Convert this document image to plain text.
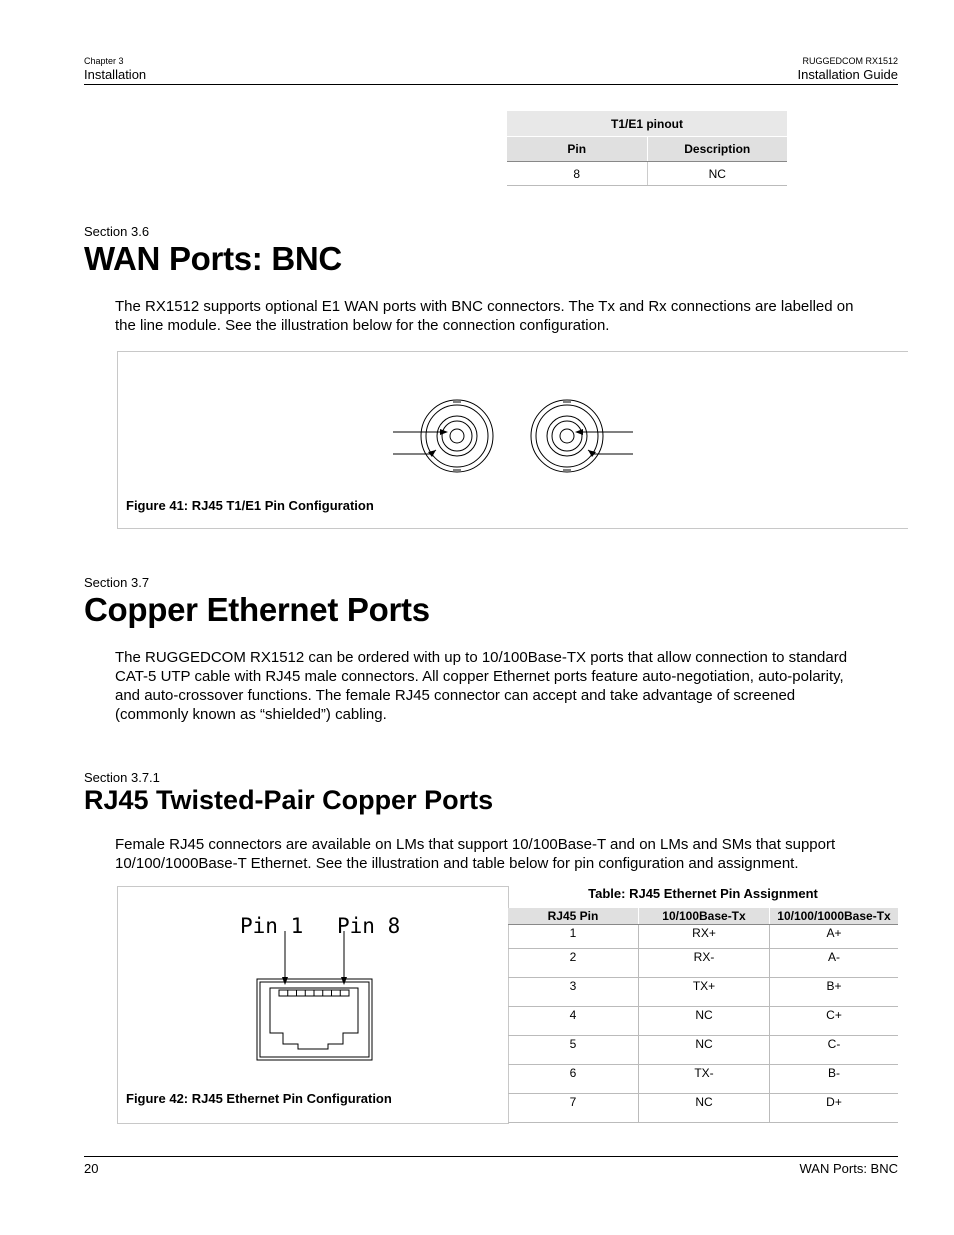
Chapter 3
Installation
RUGGEDCOM RX1512
Installation Guide
T1/E1 pinout	
Pin	Description
8	NC
Section 3.6
WAN Ports: BNC
The RX1512 supports optional E1 WAN ports with BNC connectors. The Tx and Rx connections are labelled on
the line module. See the illustration below for the connection configuration.
Figure 41: RJ45 T1/E1 Pin Configuration
Section 3.7
Copper Ethernet Ports
The RUGGEDCOM RX1512 can be ordered with up to 10/100Base-TX ports that allow connection to standard
CAT-5 UTP cable with RJ45 male connectors. All copper Ethernet ports feature auto-negotiation, auto-polarity,
and auto-crossover functions. The female RJ45 connector can accept and take advantage of screened
(commonly known as “shielded”) cabling.
Section 3.7.1
RJ45 Twisted-Pair Copper Ports
Female RJ45 connectors are available on LMs that support 10/100Base-T and on LMs and SMs that support
10/100/1000Base-T Ethernet. See the illustration and table below for pin configuration and assignment.
Pin 1 Pin 8
Figure 42: RJ45 Ethernet Pin Configuration
Table: RJ45 Ethernet Pin Assignment
RJ45 Pin	10/100Base-Tx	10/100/1000Base-Tx
1	RX+	A+
2	RX-	A-
3	TX+	B+
4	NC	C+
5	NC	C-
6	TX-	B-
7	NC	D+
20	WAN Ports: BNC
